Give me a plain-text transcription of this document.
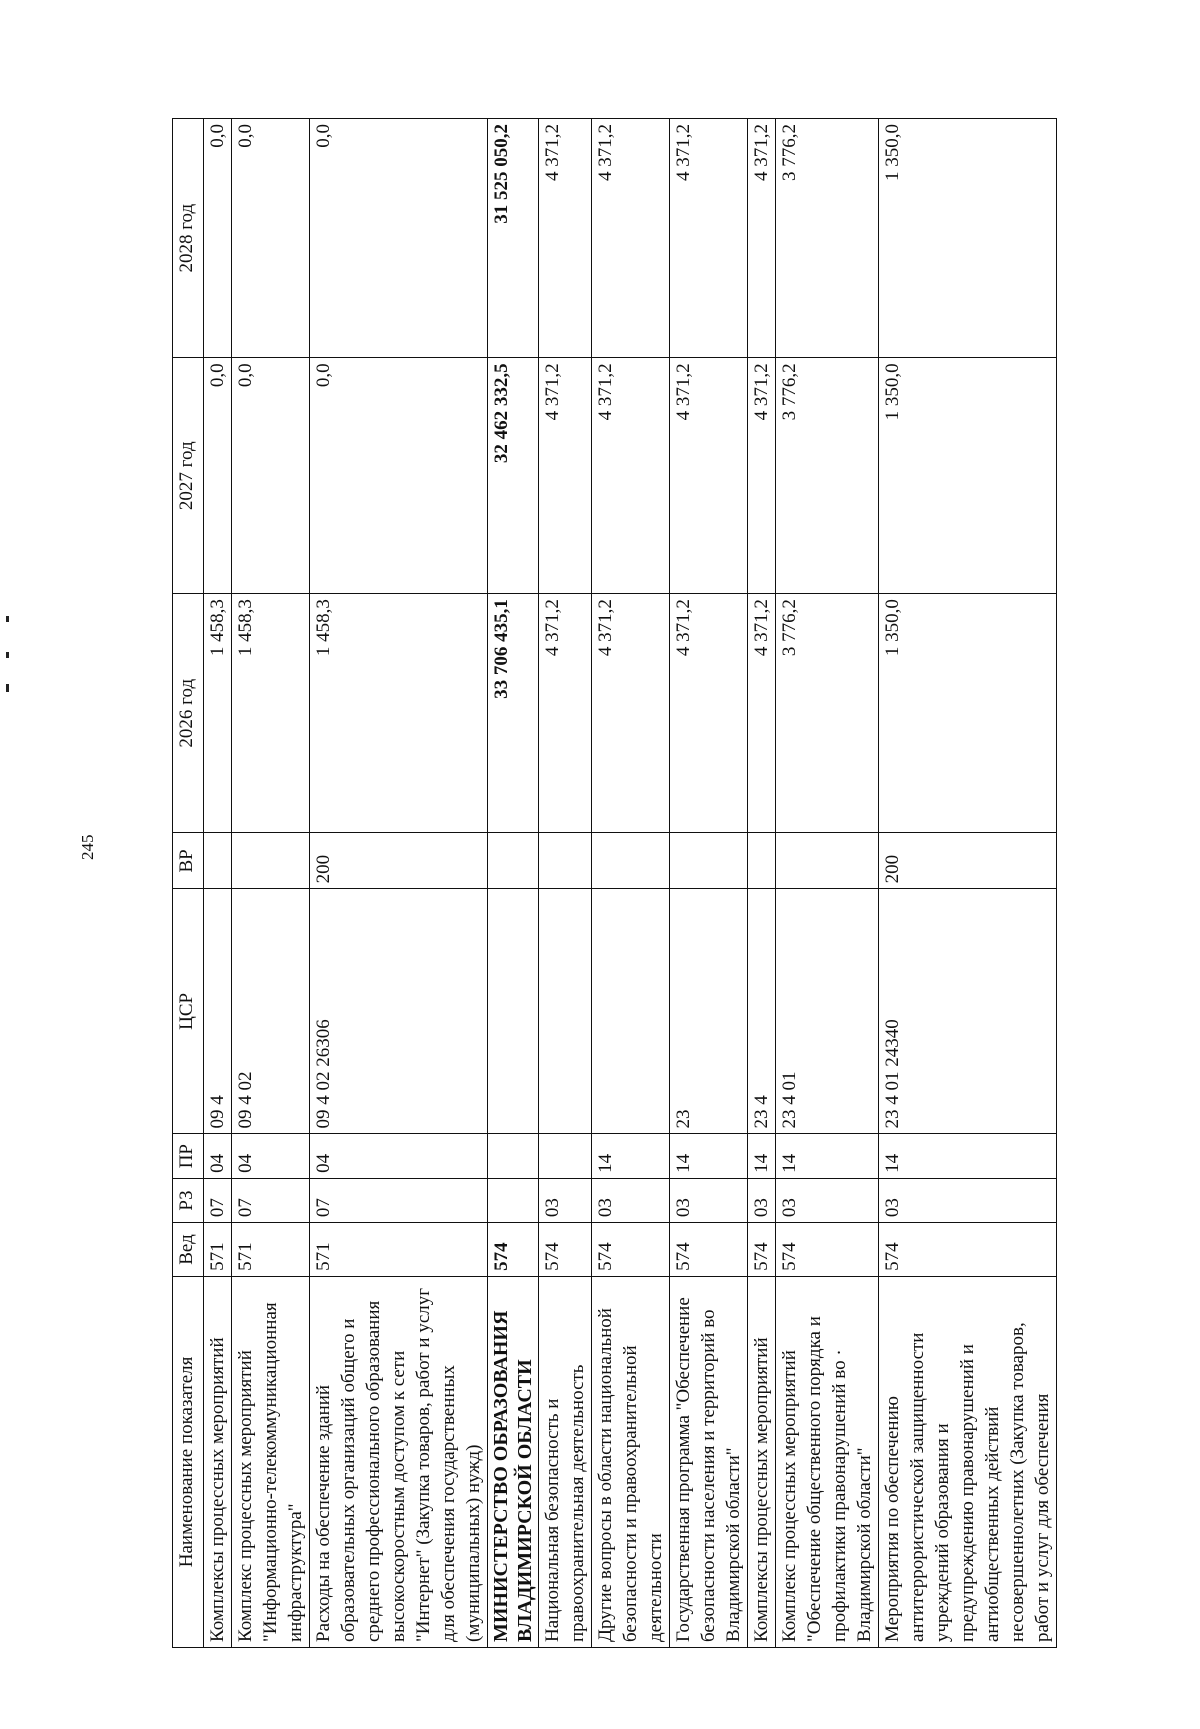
245
Наименование показателя	Вед	РЗ	ПР	ЦСР	ВР	2026 год	2027 год	2028 год
Комплексы процессных мероприятий	571	07	04	09 4		1 458,3	0,0	0,0
Комплекс процессных мероприятий "Информационно-телекоммуникационная инфраструктура"	571	07	04	09 4 02		1 458,3	0,0	0,0
Расходы на обеспечение зданий образовательных организаций общего и среднего профессионального образования высокоскоростным доступом к сети "Интернет" (Закупка товаров, работ и услуг для обеспечения государственных (муниципальных) нужд)	571	07	04	09 4 02 26306	200	1 458,3	0,0	0,0
МИНИСТЕРСТВО ОБРАЗОВАНИЯ ВЛАДИМИРСКОЙ ОБЛАСТИ	574					33 706 435,1	32 462 332,5	31 525 050,2
Национальная безопасность и правоохранительная деятельность	574	03				4 371,2	4 371,2	4 371,2
Другие вопросы в области национальной безопасности и правоохранительной деятельности	574	03	14			4 371,2	4 371,2	4 371,2
Государственная программа "Обеспечение безопасности населения и территорий во Владимирской области"	574	03	14	23		4 371,2	4 371,2	4 371,2
Комплексы процессных мероприятий	574	03	14	23 4		4 371,2	4 371,2	4 371,2
Комплекс процессных мероприятий "Обеспечение общественного порядка и профилактики правонарушений во · Владимирской области"	574	03	14	23 4 01		3 776,2	3 776,2	3 776,2
Мероприятия по обеспечению антитеррористической защищенности учреждений образования и предупреждению правонарушений и антиобщественных действий несовершеннолетних (Закупка товаров, работ и услуг для обеспечения	574	03	14	23 4 01 24340	200	1 350,0	1 350,0	1 350,0
